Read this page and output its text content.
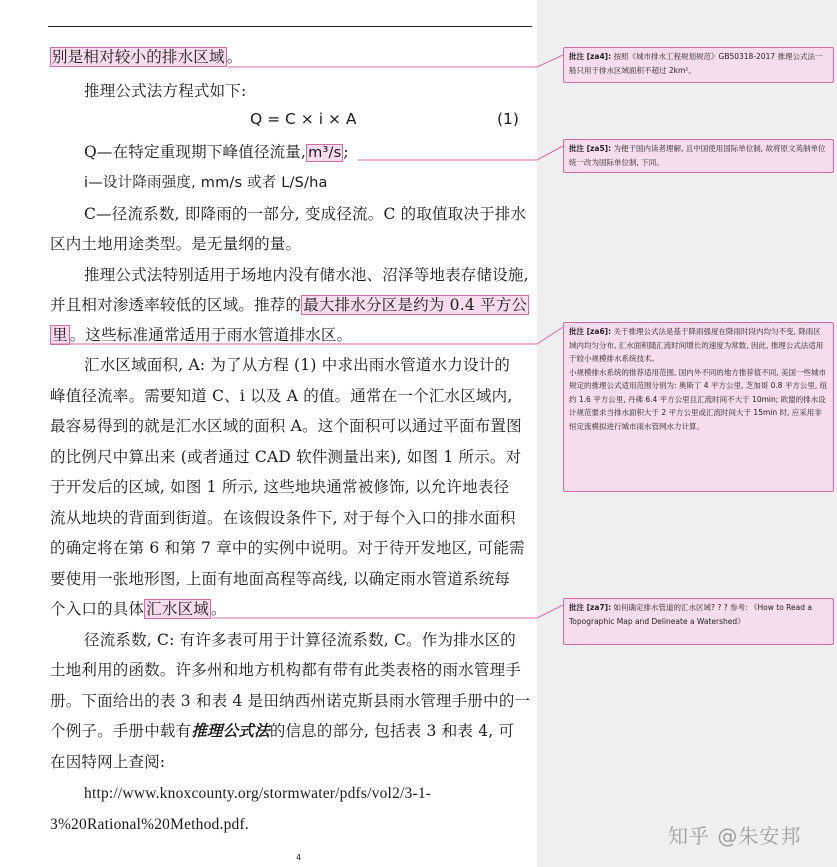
别是相对较小的排水区域 。
推理公式法方程式如下:
Q = C × i × A	(1)
Q—在特定重现期下峰值径流量, m³/s ;
i—设计降雨强度, mm/s 或者 L/S/ha
C—径流系数, 即降雨的一部分, 变成径流。C 的取值取决于排水
区内土地用途类型。是无量纲的量。
推理公式法特别适用于场地内没有储水池、沼泽等地表存储设施,
并且相对渗透率较低的区域。推荐的 最大排水分区是约为 0.4 平方公
里 。这些标准通常适用于雨水管道排水区。
汇水区域面积, A: 为了从方程 (1) 中求出雨水管道水力设计的
峰值径流率。需要知道 C、i 以及 A 的值。通常在一个汇水区域内,
最容易得到的就是汇水区域的面积 A。这个面积可以通过平面布置图
的比例尺中算出来 (或者通过 CAD 软件测量出来), 如图 1 所示。对
于开发后的区域, 如图 1 所示, 这些地块通常被修饰, 以允许地表径
流从地块的背面到街道。在该假设条件下, 对于每个入口的排水面积
的确定将在第 6 和第 7 章中的实例中说明。对于待开发地区, 可能需
要使用一张地形图, 上面有地面高程等高线, 以确定雨水管道系统每
个入口的具体 汇水区域 。
径流系数, C: 有许多表可用于计算径流系数, C。作为排水区的
土地利用的函数。许多州和地方机构都有带有此类表格的雨水管理手
册。下面给出的表 3 和表 4 是田纳西州诺克斯县雨水管理手册中的一
个例子。手册中载有推理公式法的信息的部分, 包括表 3 和表 4, 可
在因特网上查阅:
http://www.knoxcounty.org/stormwater/pdfs/vol2/3-1-
3%20Rational%20Method.pdf.
4
批注 [za4]: 按照《城市排水工程规划规范》GB50318-2017 推理公式法一般只用于排水区域面积不超过 2km²。
批注 [za5]: 为便于国内读者理解, 且中国使用国际单位制, 故将原文英制单位统一改为国际单位制, 下同。
批注 [za6]: 关于推理公式法是基于降雨强度在降雨时段内均匀不变, 降雨区域内均匀分布, 汇水面积随汇流时间增长的速度为常数, 因此, 推理公式法适用于较小规模排水系统技术。
小规模排水系统的推荐适用范围, 国内外不同的地方推荐值不同, 美国一些城市规定的推理公式适用范围分别为: 奥斯丁 4 平方公里, 芝加哥 0.8 平方公里, 纽约 1.6 平方公里, 丹佛 6.4 平方公里且汇流时间不大于 10min; 欧盟的排水设计规范要求当排水面积大于 2 平方公里或汇流时间大于 15min 时, 应采用非恒定流模拟进行城市雨水管网水力计算。
批注 [za7]: 如何确定排水管道的汇水区域? ? ? 参考: 《How to Read a Topographic Map and Delineate a Watershed》
知乎 @朱安邦
